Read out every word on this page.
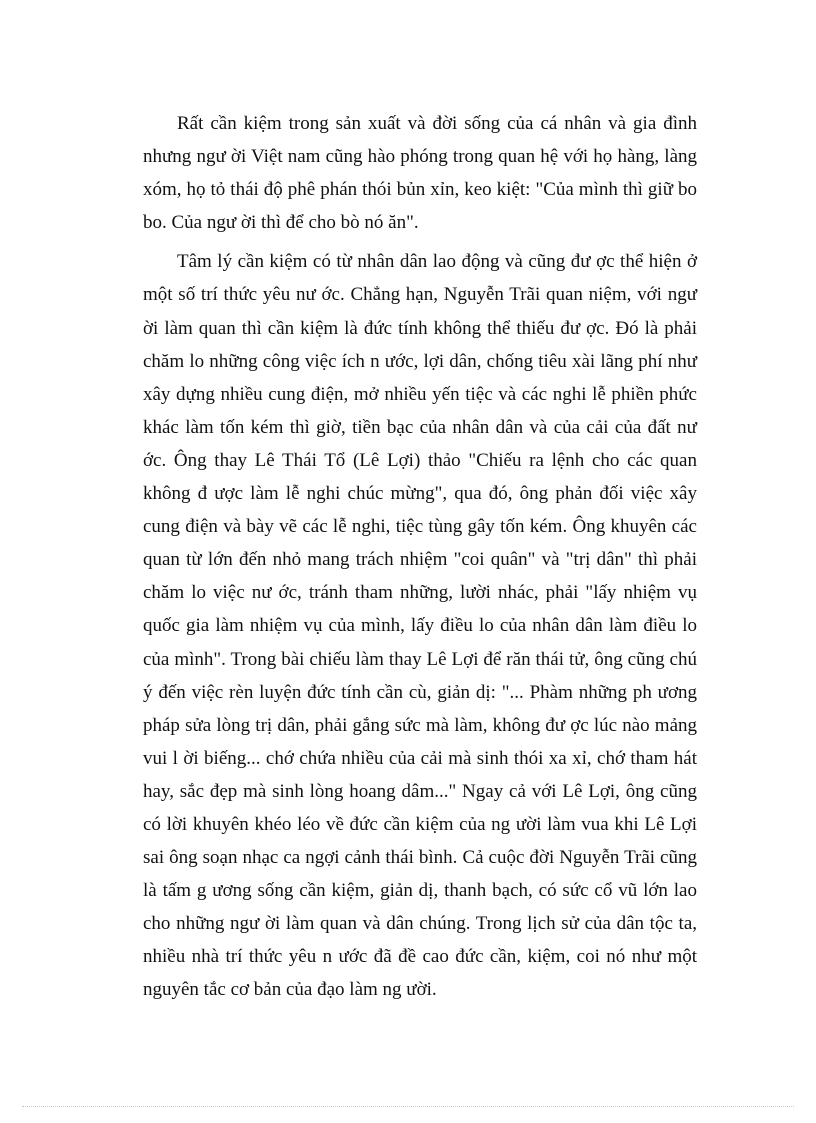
Rất cần kiệm trong sản xuất và đời sống của cá nhân và gia đình nhưng ngư ời Việt nam cũng hào phóng trong quan hệ với họ hàng, làng xóm, họ tỏ thái độ phê phán thói bủn xỉn, keo kiệt: "Của mình thì giữ bo bo. Của ngư ời thì để cho bò nó ăn".

Tâm lý cần kiệm có từ nhân dân lao động và cũng đư ợc thể hiện ở một số trí thức yêu nư ớc. Chẳng hạn, Nguyễn Trãi quan niệm, với ngư ời làm quan thì cần kiệm là đức tính không thể thiếu đư ợc. Đó là phải chăm lo những công việc ích n ước, lợi dân, chống tiêu xài lãng phí như xây dựng nhiều cung điện, mở nhiều yến tiệc và các nghi lễ phiền phức khác làm tốn kém thì giờ, tiền bạc của nhân dân và của cải của đất nư ớc. Ông thay Lê Thái Tổ (Lê Lợi) thảo "Chiếu ra lệnh cho các quan không đ ược làm lễ nghi chúc mừng", qua đó, ông phản đối việc xây cung điện và bày vẽ các lễ nghi, tiệc tùng gây tốn kém. Ông khuyên các quan từ lớn đến nhỏ mang trách nhiệm "coi quân" và "trị dân" thì phải chăm lo việc nư ớc, tránh tham những, lười nhác, phải "lấy nhiệm vụ quốc gia làm nhiệm vụ của mình, lấy điều lo của nhân dân làm điều lo của mình". Trong bài chiếu làm thay Lê Lợi để răn thái tử, ông cũng chú ý đến việc rèn luyện đức tính cần cù, giản dị: "... Phàm những ph ương pháp sửa lòng trị dân, phải gắng sức mà làm, không đư ợc lúc nào mảng vui l ời biếng... chớ chứa nhiều của cải mà sinh thói xa xỉ, chớ tham hát hay, sắc đẹp mà sinh lòng hoang dâm..." Ngay cả với Lê Lợi, ông cũng có lời khuyên khéo léo về đức cần kiệm của ng ười làm vua khi Lê Lợi sai ông soạn nhạc ca ngợi cảnh thái bình. Cả cuộc đời Nguyễn Trãi cũng là tấm g ương sống cần kiệm, giản dị, thanh bạch, có sức cổ vũ lớn lao cho những ngư ời làm quan và dân chúng. Trong lịch sử của dân tộc ta, nhiều nhà trí thức yêu n ước đã đề cao đức cần, kiệm, coi nó như một nguyên tắc cơ bản của đạo làm ng ười.
